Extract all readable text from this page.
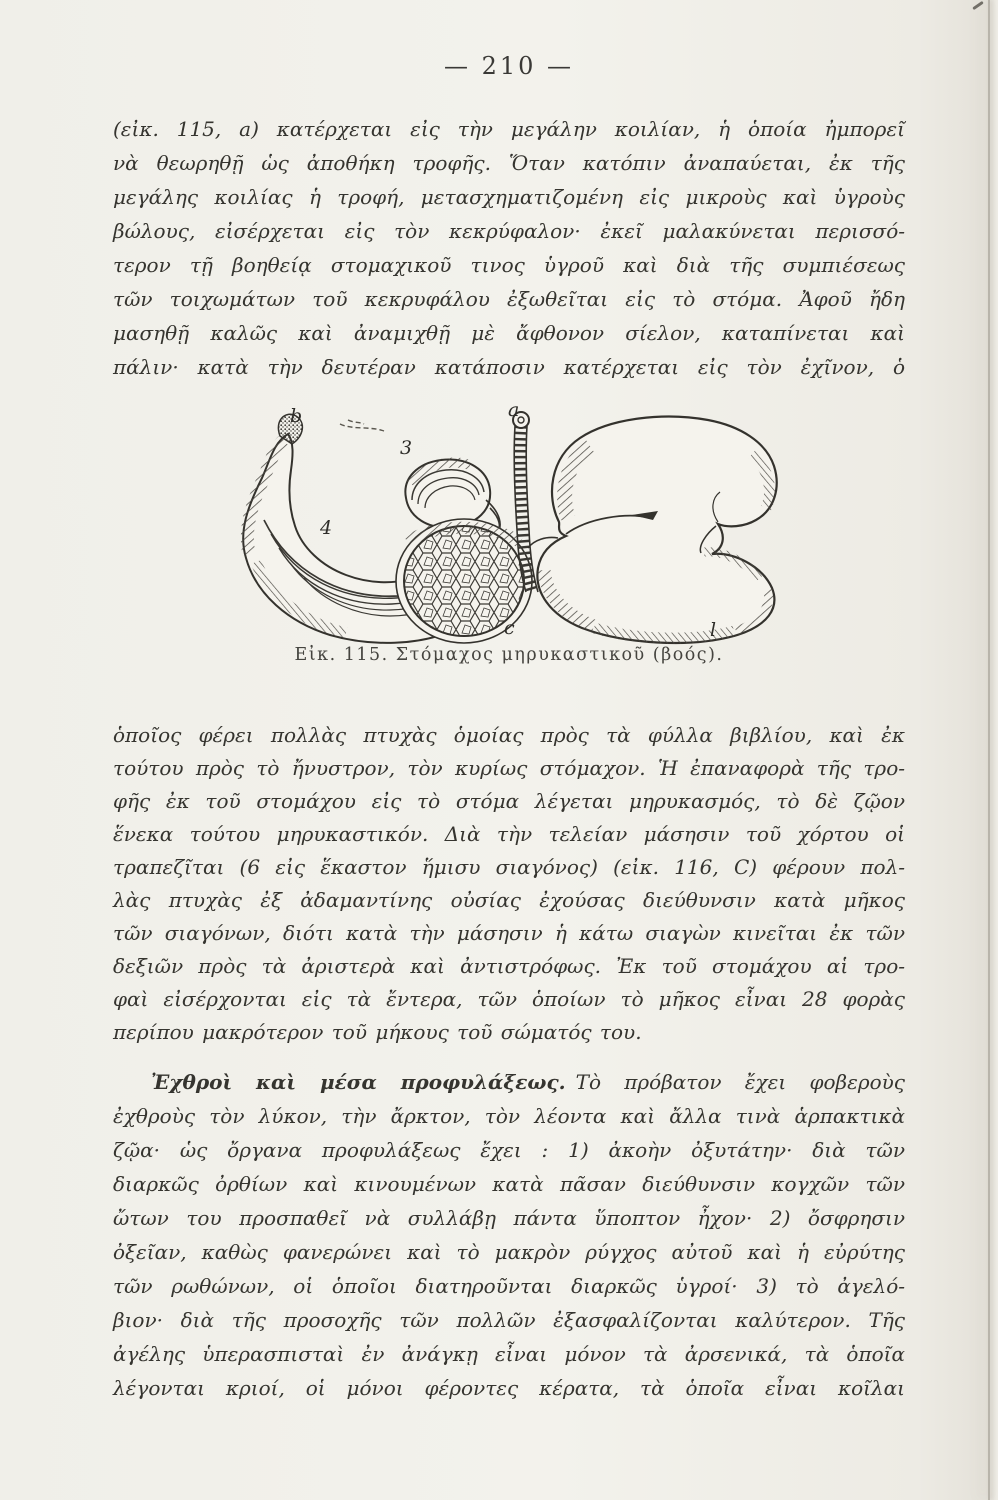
— 210 —
(εἰκ. 115, a) κατέρχεται εἰς τὴν μεγάλην κοιλίαν, ἡ ὁποία ἠμπορεῖ
νὰ θεωρηθῇ ὡς ἀποθήκη τροφῆς. Ὅταν κατόπιν ἀναπαύεται, ἐκ τῆς
μεγάλης κοιλίας ἡ τροφή, μετασχηματιζομένη εἰς μικροὺς καὶ ὑγροὺς
βώλους, εἰσέρχεται εἰς τὸν κεκρύφαλον· ἐκεῖ μαλακύνεται περισσό-
τερον τῇ βοηθείᾳ στομαχικοῦ τινος ὑγροῦ καὶ διὰ τῆς συμπιέσεως
τῶν τοιχωμάτων τοῦ κεκρυφάλου ἐξωθεῖται εἰς τὸ στόμα. Ἀφοῦ ἤδη
μασηθῇ καλῶς καὶ ἀναμιχθῇ μὲ ἄφθονον σίελον, καταπίνεται καὶ
πάλιν· κατὰ τὴν δευτέραν κατάποσιν κατέρχεται εἰς τὸν ἐχῖνον, ὁ
b	a
3
4
c	l
Εἰκ. 115. Στόμαχος μηρυκαστικοῦ (βοός).
ὁποῖος φέρει πολλὰς πτυχὰς ὁμοίας πρὸς τὰ φύλλα βιβλίου, καὶ ἐκ
τούτου πρὸς τὸ ἤνυστρον, τὸν κυρίως στόμαχον. Ἡ ἐπαναφορὰ τῆς τρο-
φῆς ἐκ τοῦ στομάχου εἰς τὸ στόμα λέγεται μηρυκασμός, τὸ δὲ ζῷον
ἕνεκα τούτου μηρυκαστικόν. Διὰ τὴν τελείαν μάσησιν τοῦ χόρτου οἱ
τραπεζῖται (6 εἰς ἕκαστον ἥμισυ σιαγόνος) (εἰκ. 116, C) φέρουν πολ-
λὰς πτυχὰς ἐξ ἀδαμαντίνης οὐσίας ἐχούσας διεύθυνσιν κατὰ μῆκος
τῶν σιαγόνων, διότι κατὰ τὴν μάσησιν ἡ κάτω σιαγὼν κινεῖται ἐκ τῶν
δεξιῶν πρὸς τὰ ἀριστερὰ καὶ ἀντιστρόφως. Ἐκ τοῦ στομάχου αἱ τρο-
φαὶ εἰσέρχονται εἰς τὰ ἔντερα, τῶν ὁποίων τὸ μῆκος εἶναι 28 φορὰς
περίπου μακρότερον τοῦ μήκους τοῦ σώματός του.
Ἐχθροὶ καὶ μέσα προφυλάξεως. Τὸ πρόβατον ἔχει φοβεροὺς
ἐχθροὺς τὸν λύκον, τὴν ἄρκτον, τὸν λέοντα καὶ ἄλλα τινὰ ἁρπακτικὰ
ζῷα· ὡς ὄργανα προφυλάξεως ἔχει : 1) ἀκοὴν ὀξυτάτην· διὰ τῶν
διαρκῶς ὀρθίων καὶ κινουμένων κατὰ πᾶσαν διεύθυνσιν κογχῶν τῶν
ὤτων του προσπαθεῖ νὰ συλλάβῃ πάντα ὕποπτον ἦχον· 2) ὄσφρησιν
ὀξεῖαν, καθὼς φανερώνει καὶ τὸ μακρὸν ρύγχος αὐτοῦ καὶ ἡ εὐρύτης
τῶν ρωθώνων, οἱ ὁποῖοι διατηροῦνται διαρκῶς ὑγροί· 3) τὸ ἀγελό-
βιον· διὰ τῆς προσοχῆς τῶν πολλῶν ἐξασφαλίζονται καλύτερον. Τῆς
ἀγέλης ὑπερασπισταὶ ἐν ἀνάγκῃ εἶναι μόνον τὰ ἀρσενικά, τὰ ὁποῖα
λέγονται κριοί, οἱ μόνοι φέροντες κέρατα, τὰ ὁποῖα εἶναι κοῖλαι
